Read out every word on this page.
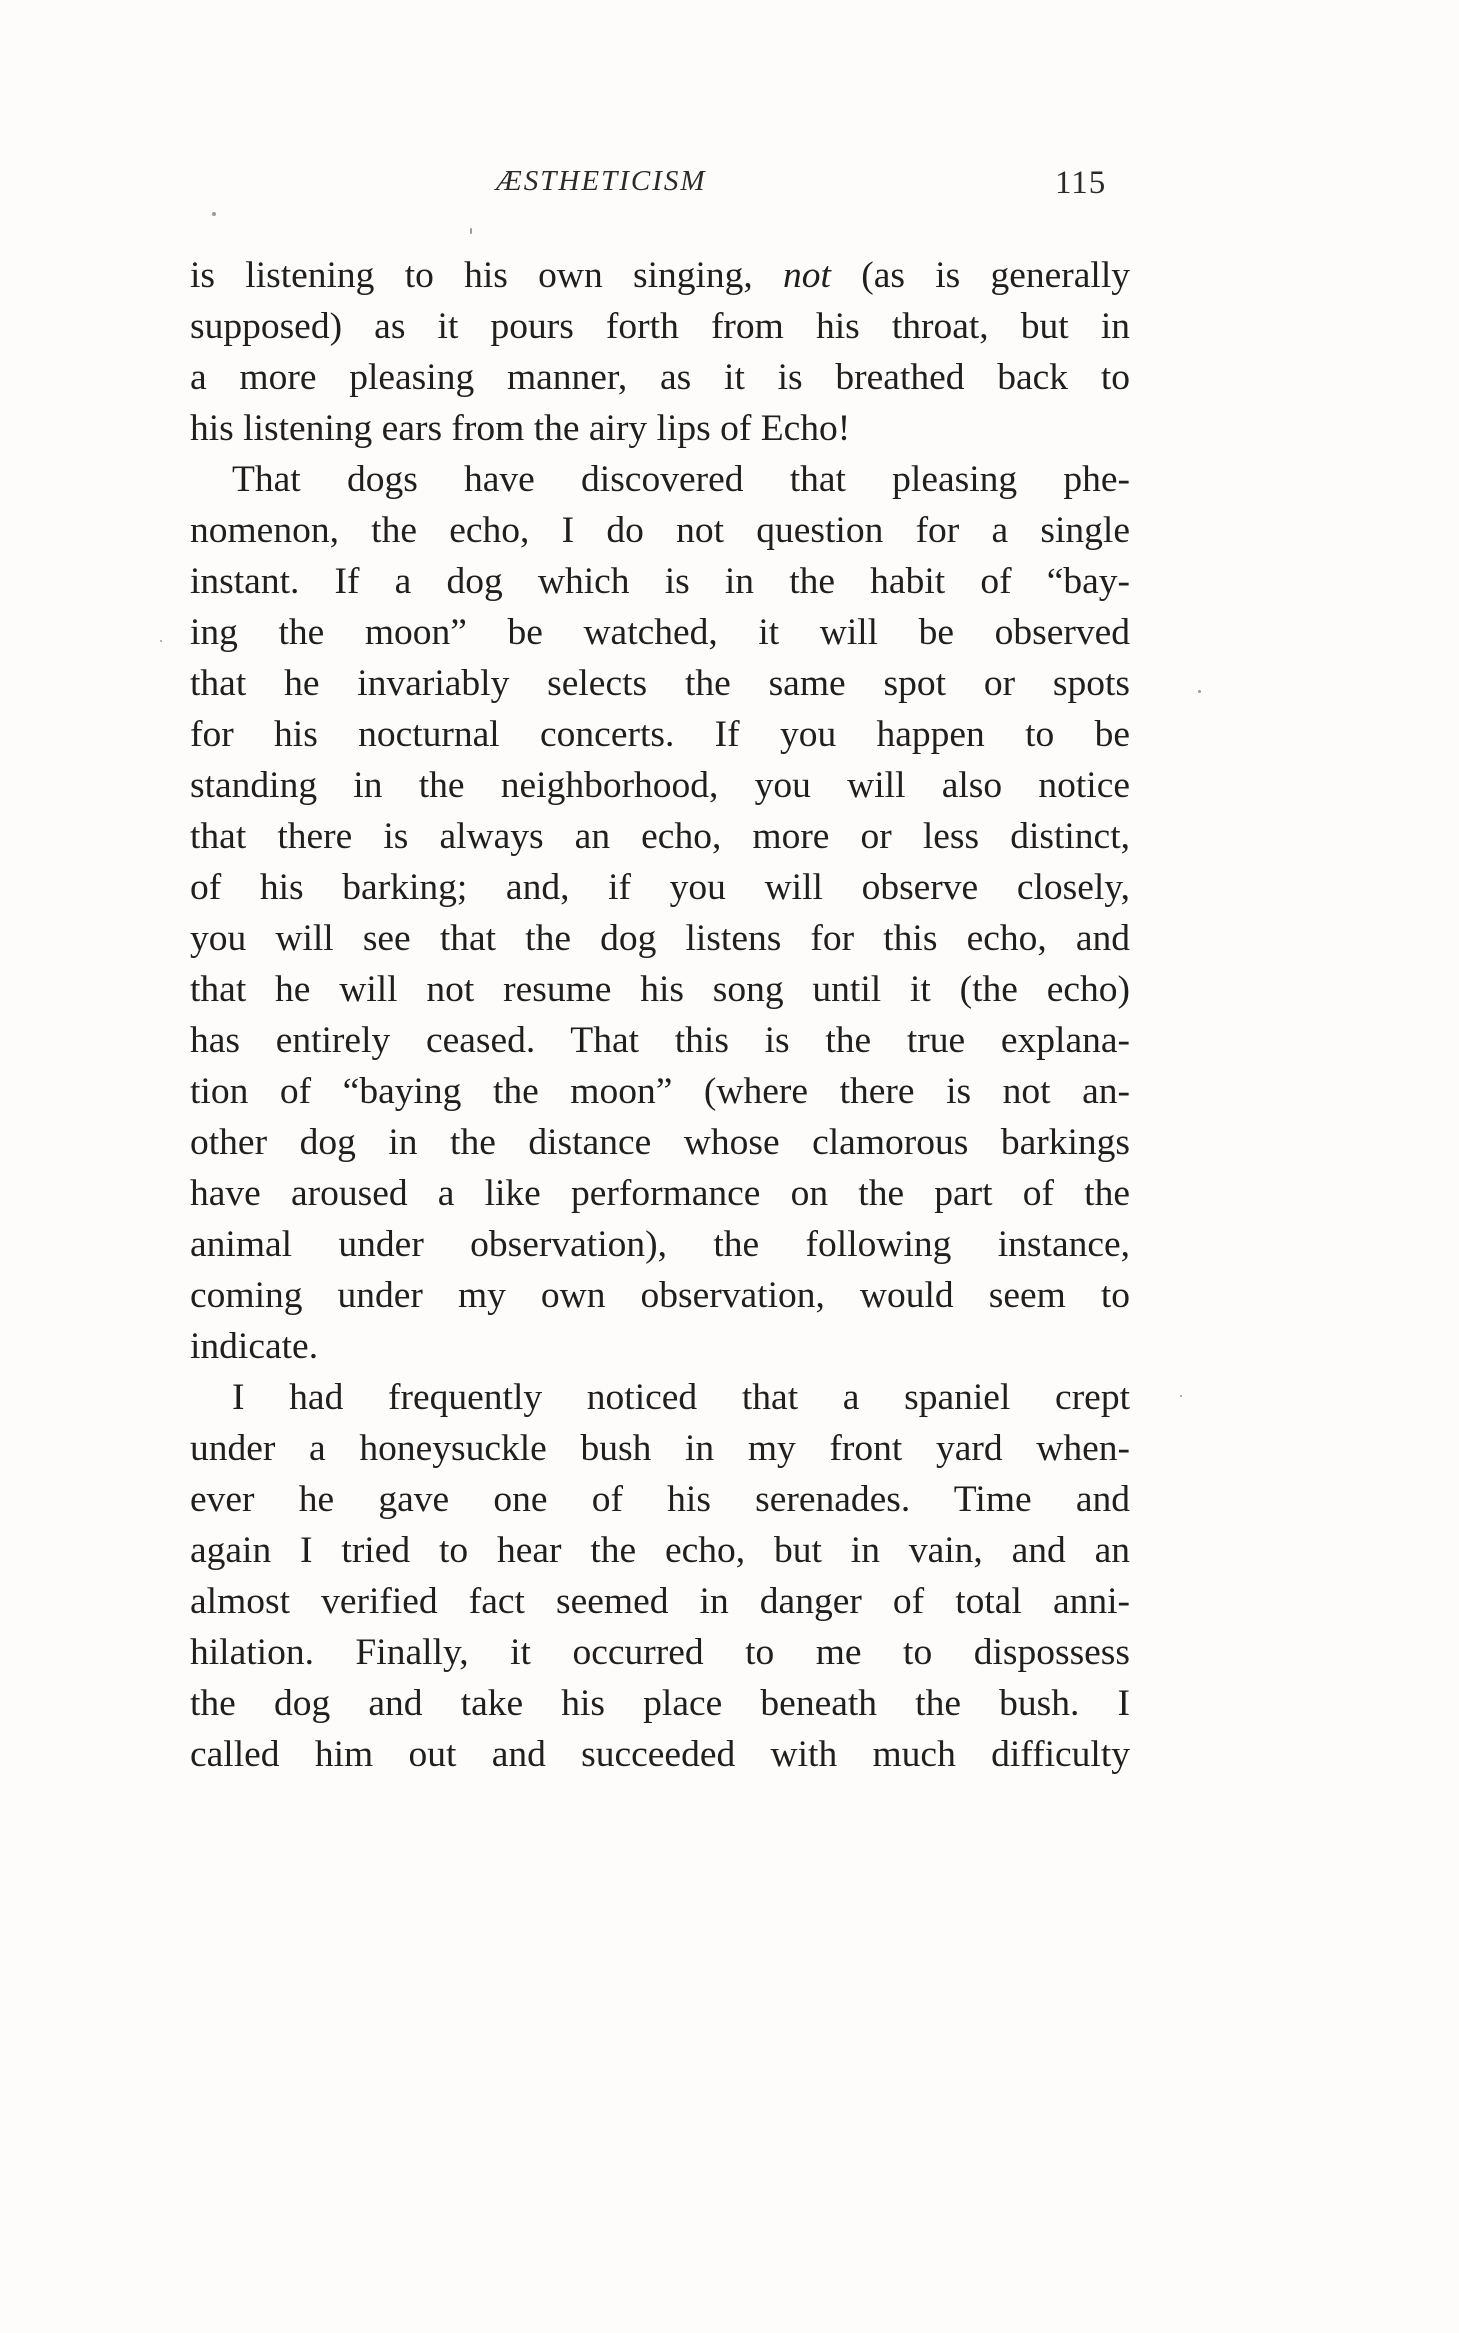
ÆSTHETICISM	115
is listening to his own singing, not (as is generally
supposed) as it pours forth from his throat, but in
a more pleasing manner, as it is breathed back to
his listening ears from the airy lips of Echo!
That dogs have discovered that pleasing phe-
nomenon, the echo, I do not question for a single
instant. If a dog which is in the habit of “bay-
ing the moon” be watched, it will be observed
that he invariably selects the same spot or spots
for his nocturnal concerts. If you happen to be
standing in the neighborhood, you will also notice
that there is always an echo, more or less distinct,
of his barking; and, if you will observe closely,
you will see that the dog listens for this echo, and
that he will not resume his song until it (the echo)
has entirely ceased. That this is the true explana-
tion of “baying the moon” (where there is not an-
other dog in the distance whose clamorous barkings
have aroused a like performance on the part of the
animal under observation), the following instance,
coming under my own observation, would seem to
indicate.
I had frequently noticed that a spaniel crept
under a honeysuckle bush in my front yard when-
ever he gave one of his serenades. Time and
again I tried to hear the echo, but in vain, and an
almost verified fact seemed in danger of total anni-
hilation. Finally, it occurred to me to dispossess
the dog and take his place beneath the bush. I
called him out and succeeded with much difficulty
